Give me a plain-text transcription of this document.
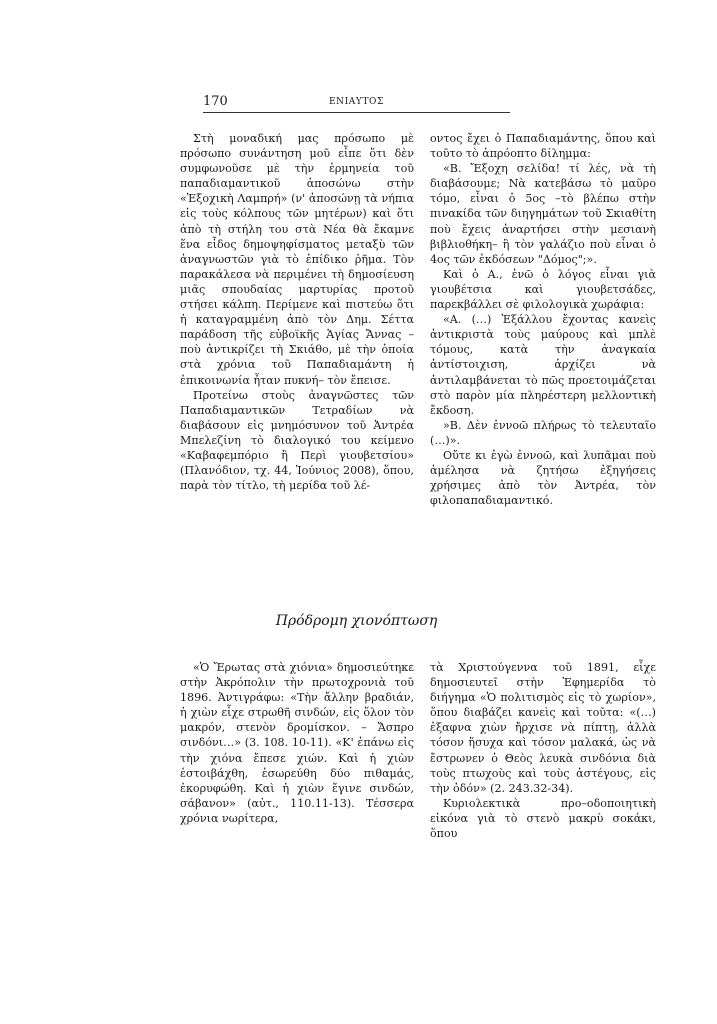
170	ΕΝΙΑΥΤΟΣ

Στὴ μοναδική μας πρόσωπο μὲ πρόσωπο συνάντηση μοῦ εἶπε ὅτι δὲν συμφωνοῦσε μὲ τὴν ἑρμηνεία τοῦ παπαδιαμαντικοῦ ἀποσώνω στὴν «Ἐξοχικὴ Λαμπρή» (ν' ἀποσώνῃ τὰ νήπια εἰς τοὺς κόλπους τῶν μητέρων) καὶ ὅτι ἀπὸ τὴ στήλη του στὰ Νέα θὰ ἔκαμνε ἕνα εἶδος δημοψηφίσματος μεταξὺ τῶν ἀναγνωστῶν γιὰ τὸ ἐπίδικο ῥῆμα. Τὸν παρακάλεσα νὰ περιμένει τὴ δημοσίευση μιᾶς σπουδαίας μαρτυρίας προτοῦ στήσει κάλπη. Περίμενε καὶ πιστεύω ὅτι ἡ καταγραμμένη ἀπὸ τὸν Δημ. Σέττα παράδοση τῆς εὐβοϊκῆς Ἁγίας Ἄννας –ποὺ ἀντικρίζει τὴ Σκιάθο, μὲ τὴν ὁποία στὰ χρόνια τοῦ Παπαδιαμάντη ἡ ἐπικοινωνία ἦταν πυκνή– τὸν ἔπεισε.

Προτείνω στοὺς ἀναγνῶστες τῶν Παπαδιαμαντικῶν Τετραδίων νὰ διαβάσουν εἰς μνημόσυνον τοῦ Ἀντρέα Μπελεζίνη τὸ διαλογικό του κείμενο «Καβαφεμπόριο ἢ Περὶ γιουβετσίου» (Πλανόδιον, τχ. 44, Ἰούνιος 2008), ὅπου, παρὰ τὸν τίτλο, τὴ μερίδα τοῦ λέ-

οντος ἔχει ὁ Παπαδιαμάντης, ὅπου καὶ τοῦτο τὸ ἀπρόοπτο δίλημμα:

«Β. Ἔξοχη σελίδα! τί λές, νὰ τὴ διαβάσουμε; Νὰ κατεβάσω τὸ μαῦρο τόμο, εἶναι ὁ 5ος –τὸ βλέπω στὴν πινακίδα τῶν διηγημάτων τοῦ Σκιαθίτη ποὺ ἔχεις ἀναρτήσει στὴν μεσιανὴ βιβλιοθήκη– ἢ τὸν γαλάζιο ποὺ εἶναι ὁ 4ος τῶν ἐκδόσεων "Δόμος";».

Καὶ ὁ Α., ἐνῶ ὁ λόγος εἶναι γιὰ γιουβέτσια καὶ γιουβετσάδες, παρεκβάλλει σὲ φιλολογικὰ χωράφια:

«Α. (…) Ἐξάλλου ἔχοντας κανεὶς ἀντικριστὰ τοὺς μαύρους καὶ μπλὲ τόμους, κατὰ τὴν ἀναγκαία ἀντίστοιχιση, ἀρχίζει νὰ ἀντιλαμβάνεται τὸ πῶς προετοιμάζεται στὸ παρὸν μία πληρέστερη μελλοντικὴ ἔκδοση.

»Β. Δὲν ἐννοῶ πλήρως τὸ τελευταῖο (…)».

Οὔτε κι ἐγὼ ἐννοῶ, καὶ λυπᾶμαι ποὺ ἀμέλησα νὰ ζητήσω ἐξηγήσεις χρήσιμες ἀπὸ τὸν Ἀντρέα, τὸν φιλοπαπαδιαμαντικό.

Πρόδρομη χιονόπτωση

«Ὁ Ἔρωτας στὰ χιόνια» δημοσιεύτηκε στὴν Ἀκρόπολιν τὴν πρωτοχρονιὰ τοῦ 1896. Ἀντιγράφω: «Τὴν ἄλλην βραδιάν, ἡ χιὼν εἶχε στρωθῆ σινδών, εἰς ὅλον τὸν μακρόν, στενὸν δρομίσκον. – Ἄσπρο σινδόνι…» (3. 108. 10-11). «Κ' ἐπάνω εἰς τὴν χιόνα ἔπεσε χιών. Καὶ ἡ χιὼν ἐστοιβάχθη, ἐσωρεύθη δύο πιθαμάς, ἐκορυφώθη. Καὶ ἡ χιὼν ἔγινε σινδών, σάβανον» (αὐτ., 110.11-13). Τέσσερα χρόνια νωρίτερα,

τὰ Χριστούγεννα τοῦ 1891, εἶχε δημοσιευτεῖ στὴν Ἐφημερίδα τὸ διήγημα «Ὁ πολιτισμὸς εἰς τὸ χωρίον», ὅπου διαβάζει κανεὶς καὶ τοῦτα: «(…) ἐξαφνα χιὼν ἤρχισε νὰ πίπτῃ, ἀλλὰ τόσον ἥσυχα καὶ τόσον μαλακά, ὡς νὰ ἔστρωνεν ὁ Θεὸς λευκὰ σινδόνια διὰ τοὺς πτωχοὺς καὶ τοὺς ἀστέγους, εἰς τὴν ὁδόν» (2. 243.32-34).

Κυριολεκτικὰ προ–οδοποιητικὴ εἰκόνα γιὰ τὸ στενὸ μακρὺ σοκάκι, ὅπου
